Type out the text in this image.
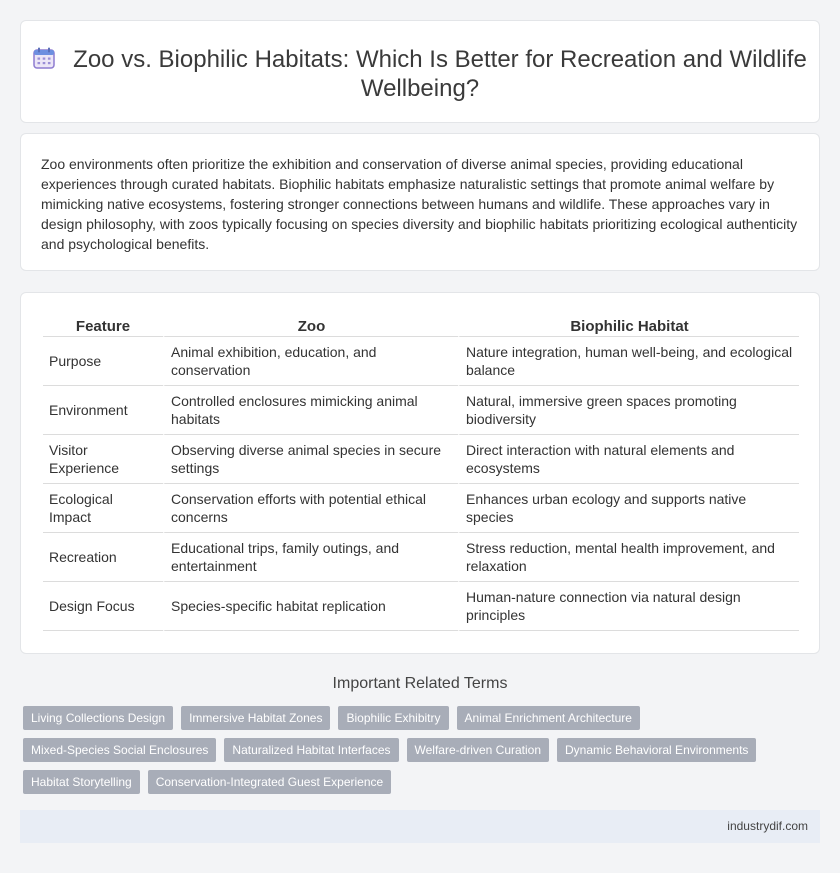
Zoo vs. Biophilic Habitats: Which Is Better for Recreation and Wildlife Wellbeing?

Zoo environments often prioritize the exhibition and conservation of diverse animal species, providing educational experiences through curated habitats. Biophilic habitats emphasize naturalistic settings that promote animal welfare by mimicking native ecosystems, fostering stronger connections between humans and wildlife. These approaches vary in design philosophy, with zoos typically focusing on species diversity and biophilic habitats prioritizing ecological authenticity and psychological benefits.

Feature	Zoo	Biophilic Habitat
Purpose	Animal exhibition, education, and conservation	Nature integration, human well-being, and ecological balance
Environment	Controlled enclosures mimicking animal habitats	Natural, immersive green spaces promoting biodiversity
Visitor Experience	Observing diverse animal species in secure settings	Direct interaction with natural elements and ecosystems
Ecological Impact	Conservation efforts with potential ethical concerns	Enhances urban ecology and supports native species
Recreation	Educational trips, family outings, and entertainment	Stress reduction, mental health improvement, and relaxation
Design Focus	Species-specific habitat replication	Human-nature connection via natural design principles
Important Related Terms
Living Collections Design	Immersive Habitat Zones	Biophilic Exhibitry	Animal Enrichment Architecture
Mixed-Species Social Enclosures	Naturalized Habitat Interfaces	Welfare-driven Curation	Dynamic Behavioral Environments
Habitat Storytelling	Conservation-Integrated Guest Experience
industrydif.com
